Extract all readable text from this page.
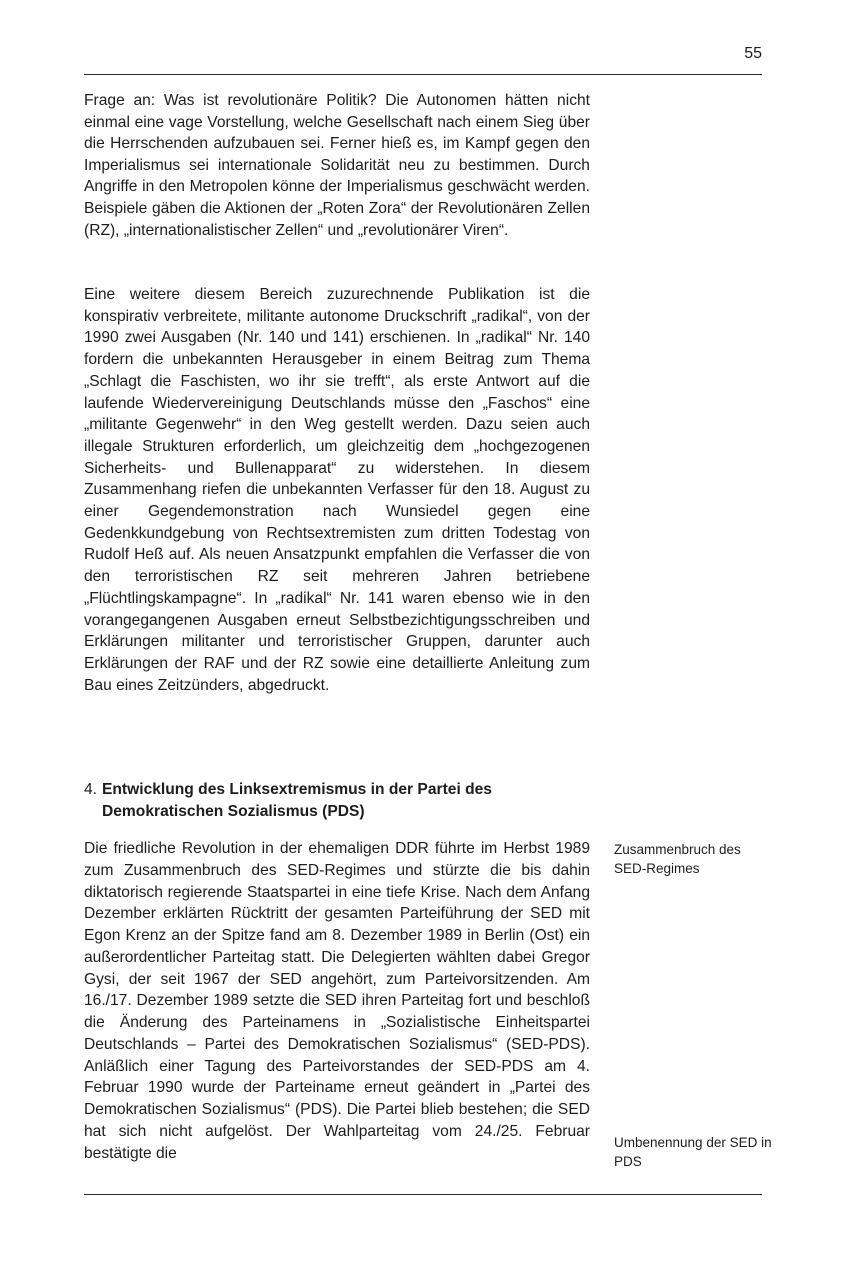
55

Frage an: Was ist revolutionäre Politik? Die Autonomen hätten nicht einmal eine vage Vorstellung, welche Gesellschaft nach einem Sieg über die Herrschenden aufzubauen sei. Ferner hieß es, im Kampf gegen den Imperialismus sei internationale Solidarität neu zu bestimmen. Durch Angriffe in den Metropolen könne der Imperialismus geschwächt werden. Beispiele gäben die Aktionen der „Roten Zora“ der Revolutionären Zellen (RZ), „internationalistischer Zellen“ und „revolutionärer Viren“.

Eine weitere diesem Bereich zuzurechnende Publikation ist die konspirativ verbreitete, militante autonome Druckschrift „radikal“, von der 1990 zwei Ausgaben (Nr. 140 und 141) erschienen. In „radikal“ Nr. 140 fordern die unbekannten Herausgeber in einem Beitrag zum Thema „Schlagt die Faschisten, wo ihr sie trefft“, als erste Antwort auf die laufende Wiedervereinigung Deutschlands müsse den „Faschos“ eine „militante Gegenwehr“ in den Weg gestellt werden. Dazu seien auch illegale Strukturen erforderlich, um gleichzeitig dem „hochgezogenen Sicherheits- und Bullenapparat“ zu widerstehen. In diesem Zusammenhang riefen die unbekannten Verfasser für den 18. August zu einer Gegendemonstration nach Wunsiedel gegen eine Gedenkkundgebung von Rechtsextremisten zum dritten Todestag von Rudolf Heß auf. Als neuen Ansatzpunkt empfahlen die Verfasser die von den terroristischen RZ seit mehreren Jahren betriebene „Flüchtlingskampagne“. In „radikal“ Nr. 141 waren ebenso wie in den vorangegangenen Ausgaben erneut Selbstbezichtigungsschreiben und Erklärungen militanter und terroristischer Gruppen, darunter auch Erklärungen der RAF und der RZ sowie eine detaillierte Anleitung zum Bau eines Zeitzünders, abgedruckt.

4. Entwicklung des Linksextremismus in der Partei des Demokratischen Sozialismus (PDS)

Die friedliche Revolution in der ehemaligen DDR führte im Herbst 1989 zum Zusammenbruch des SED-Regimes und stürzte die bis dahin diktatorisch regierende Staatspartei in eine tiefe Krise. Nach dem Anfang Dezember erklärten Rücktritt der gesamten Parteiführung der SED mit Egon Krenz an der Spitze fand am 8. Dezember 1989 in Berlin (Ost) ein außerordentlicher Parteitag statt. Die Delegierten wählten dabei Gregor Gysi, der seit 1967 der SED angehört, zum Parteivorsitzenden. Am 16./17. Dezember 1989 setzte die SED ihren Parteitag fort und beschloß die Änderung des Parteinamens in „Sozialistische Einheitspartei Deutschlands – Partei des Demokratischen Sozialismus“ (SED-PDS). Anläßlich einer Tagung des Parteivorstandes der SED-PDS am 4. Februar 1990 wurde der Parteiname erneut geändert in „Partei des Demokratischen Sozialismus“ (PDS). Die Partei blieb bestehen; die SED hat sich nicht aufgelöst. Der Wahlparteitag vom 24./25. Februar bestätigte die

Zusammenbruch des SED-Regimes

Umbenennung der SED in PDS
